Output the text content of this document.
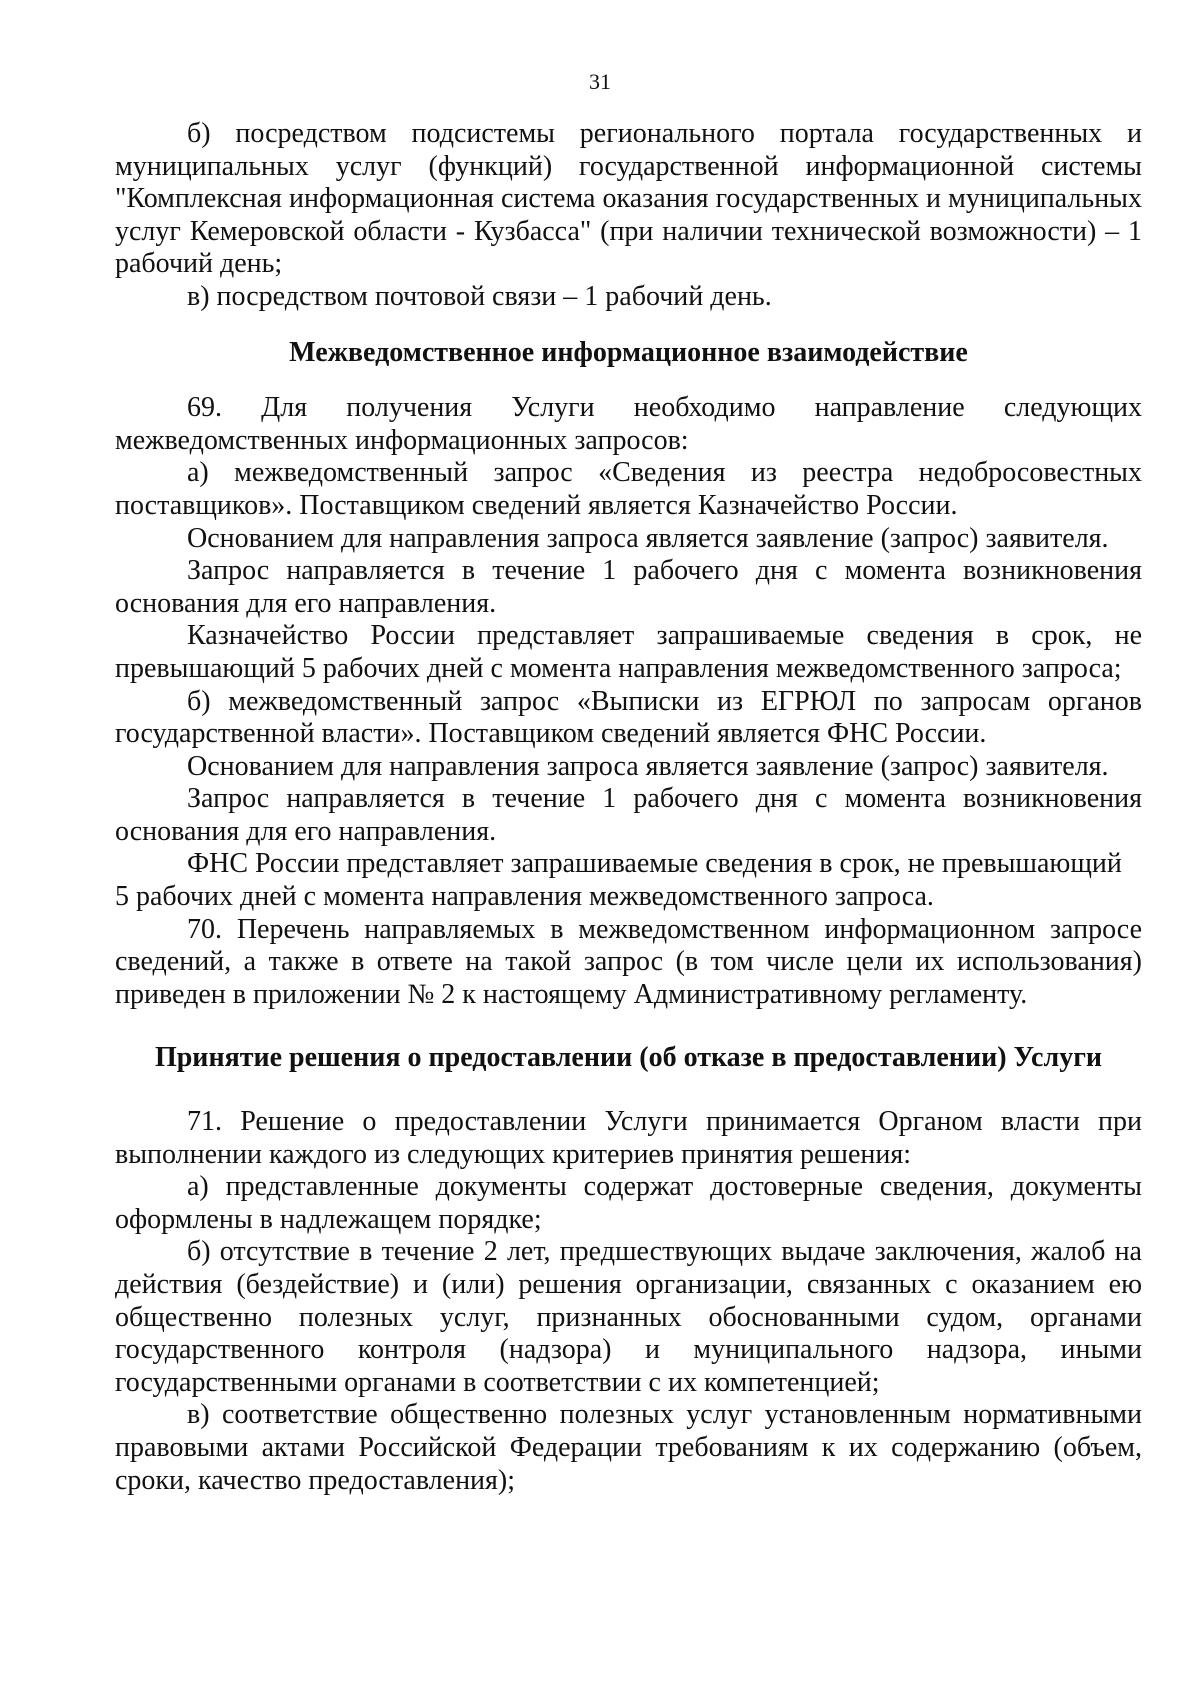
31

б) посредством подсистемы регионального портала государственных и муниципальных услуг (функций) государственной информационной системы "Комплексная информационная система оказания государственных и муниципальных услуг Кемеровской области - Кузбасса" (при наличии технической возможности) – 1 рабочий день;

в) посредством почтовой связи – 1 рабочий день.

Межведомственное информационное взаимодействие

69. Для получения Услуги необходимо направление следующих межведомственных информационных запросов:

а) межведомственный запрос «Сведения из реестра недобросовестных поставщиков». Поставщиком сведений является Казначейство России.

Основанием для направления запроса является заявление (запрос) заявителя.

Запрос направляется в течение 1 рабочего дня с момента возникновения основания для его направления.

Казначейство России представляет запрашиваемые сведения в срок, не превышающий 5 рабочих дней с момента направления межведомственного запроса;

б) межведомственный запрос «Выписки из ЕГРЮЛ по запросам органов государственной власти». Поставщиком сведений является ФНС России.

Основанием для направления запроса является заявление (запрос) заявителя.

Запрос направляется в течение 1 рабочего дня с момента возникновения основания для его направления.

ФНС России представляет запрашиваемые сведения в срок, не превышающий

5 рабочих дней с момента направления межведомственного запроса.

70. Перечень направляемых в межведомственном информационном запросе сведений, а также в ответе на такой запрос (в том числе цели их использования) приведен в приложении № 2 к настоящему Административному регламенту.

Принятие решения о предоставлении (об отказе в предоставлении) Услуги

71. Решение о предоставлении Услуги принимается Органом власти при выполнении каждого из следующих критериев принятия решения:

а) представленные документы содержат достоверные сведения, документы оформлены в надлежащем порядке;

б) отсутствие в течение 2 лет, предшествующих выдаче заключения, жалоб на действия (бездействие) и (или) решения организации, связанных с оказанием ею общественно полезных услуг, признанных обоснованными судом, органами государственного контроля (надзора) и муниципального надзора, иными государственными органами в соответствии с их компетенцией;

в) соответствие общественно полезных услуг установленным нормативными правовыми актами Российской Федерации требованиям к их содержанию (объем, сроки, качество предоставления);
